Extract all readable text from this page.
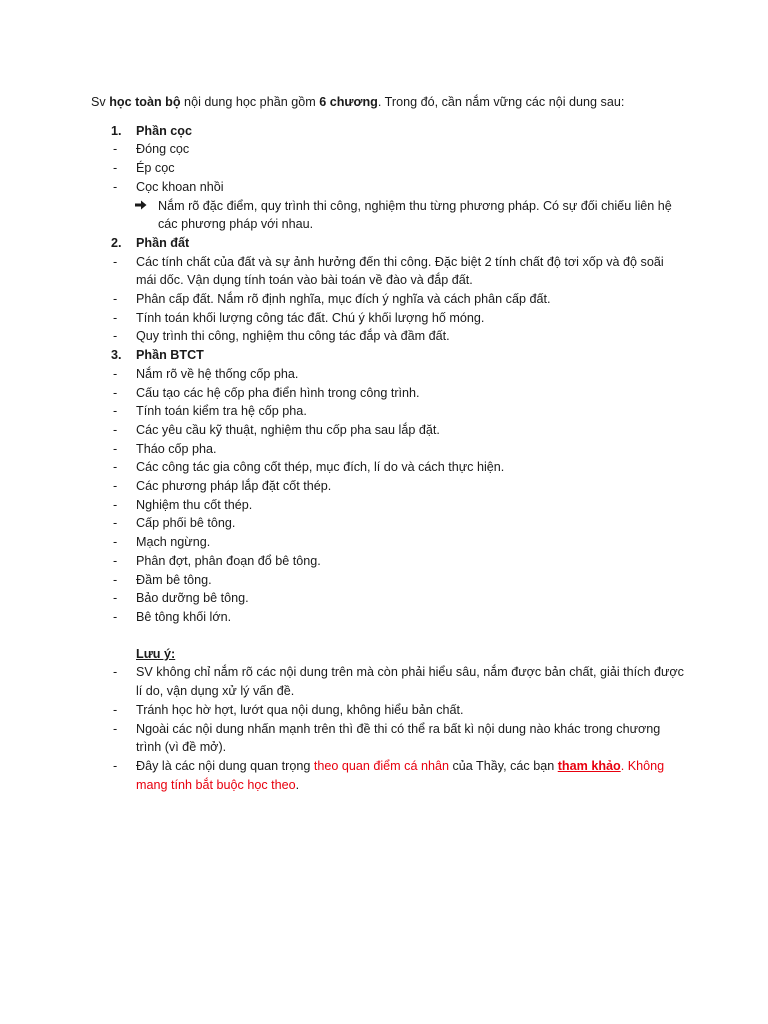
Sv học toàn bộ nội dung học phần gồm 6 chương. Trong đó, cần nắm vững các nội dung sau:
1. Phần cọc
- Đóng cọc
- Ép cọc
- Cọc khoan nhồi
Nắm rõ đặc điểm, quy trình thi công, nghiệm thu từng phương pháp. Có sự đối chiếu liên hệ
các phương pháp với nhau.
2. Phần đất
- Các tính chất của đất và sự ảnh hưởng đến thi công. Đặc biệt 2 tính chất độ tơi xốp và độ soãi
mái dốc. Vận dụng tính toán vào bài toán về đào và đắp đất.
- Phân cấp đất. Nắm rõ định nghĩa, mục đích ý nghĩa và cách phân cấp đất.
- Tính toán khối lượng công tác đất. Chú ý khối lượng hố móng.
- Quy trình thi công, nghiệm thu công tác đắp và đầm đất.
3. Phần BTCT
- Nắm rõ về hệ thống cốp pha.
- Cấu tạo các hệ cốp pha điển hình trong công trình.
- Tính toán kiểm tra hệ cốp pha.
- Các yêu cầu kỹ thuật, nghiệm thu cốp pha sau lắp đặt.
- Tháo cốp pha.
- Các công tác gia công cốt thép, mục đích, lí do và cách thực hiện.
- Các phương pháp lắp đặt cốt thép.
- Nghiệm thu cốt thép.
- Cấp phối bê tông.
- Mạch ngừng.
- Phân đợt, phân đoạn đổ bê tông.
- Đầm bê tông.
- Bảo dưỡng bê tông.
- Bê tông khối lớn.
Lưu ý:
- SV không chỉ nắm rõ các nội dung trên mà còn phải hiểu sâu, nắm được bản chất, giải thích được
lí do, vận dụng xử lý vấn đề.
- Tránh học hờ hợt, lướt qua nội dung, không hiểu bản chất.
- Ngoài các nội dung nhấn mạnh trên thì đề thi có thể ra bất kì nội dung nào khác trong chương
trình (vì đề mở).
- Đây là các nội dung quan trọng theo quan điểm cá nhân của Thầy, các bạn tham khảo. Không
mang tính bắt buộc học theo.
